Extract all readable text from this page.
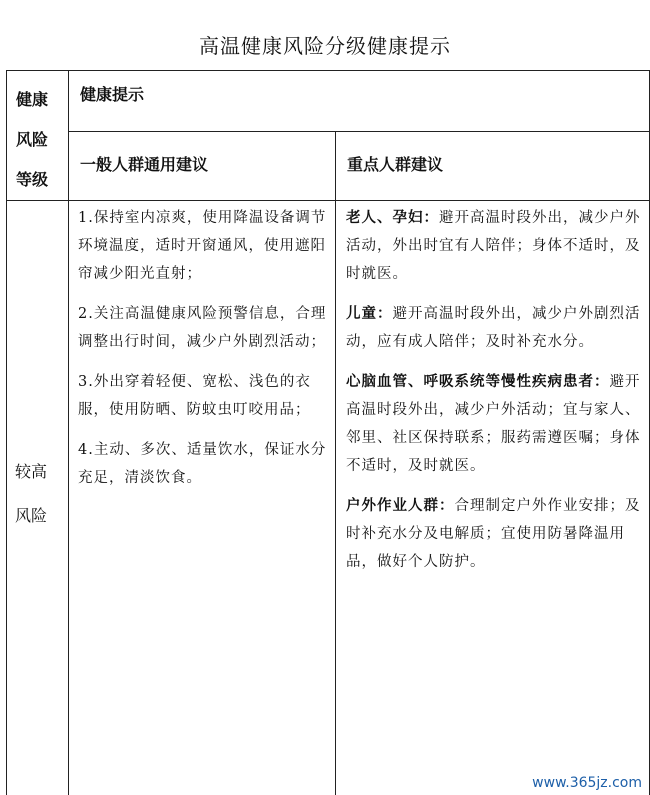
高温健康风险分级健康提示
健康
风险
等级
健康提示
一般人群通用建议	重点人群建议
较高
风险

1.保持室内凉爽，使用降温设备调节环境温度，适时开窗通风，使用遮阳帘减少阳光直射；

2.关注高温健康风险预警信息，合理调整出行时间，减少户外剧烈活动；

3.外出穿着轻便、宽松、浅色的衣服，使用防晒、防蚊虫叮咬用品；

4.主动、多次、适量饮水，保证水分充足，清淡饮食。

老人、孕妇：避开高温时段外出，减少户外活动，外出时宜有人陪伴；身体不适时，及时就医。

儿童：避开高温时段外出，减少户外剧烈活动，应有成人陪伴；及时补充水分。

心脑血管、呼吸系统等慢性疾病患者：避开高温时段外出，减少户外活动；宜与家人、邻里、社区保持联系；服药需遵医嘱；身体不适时，及时就医。

户外作业人群：合理制定户外作业安排；及时补充水分及电解质；宜使用防暑降温用品，做好个人防护。

www.365jz.com
